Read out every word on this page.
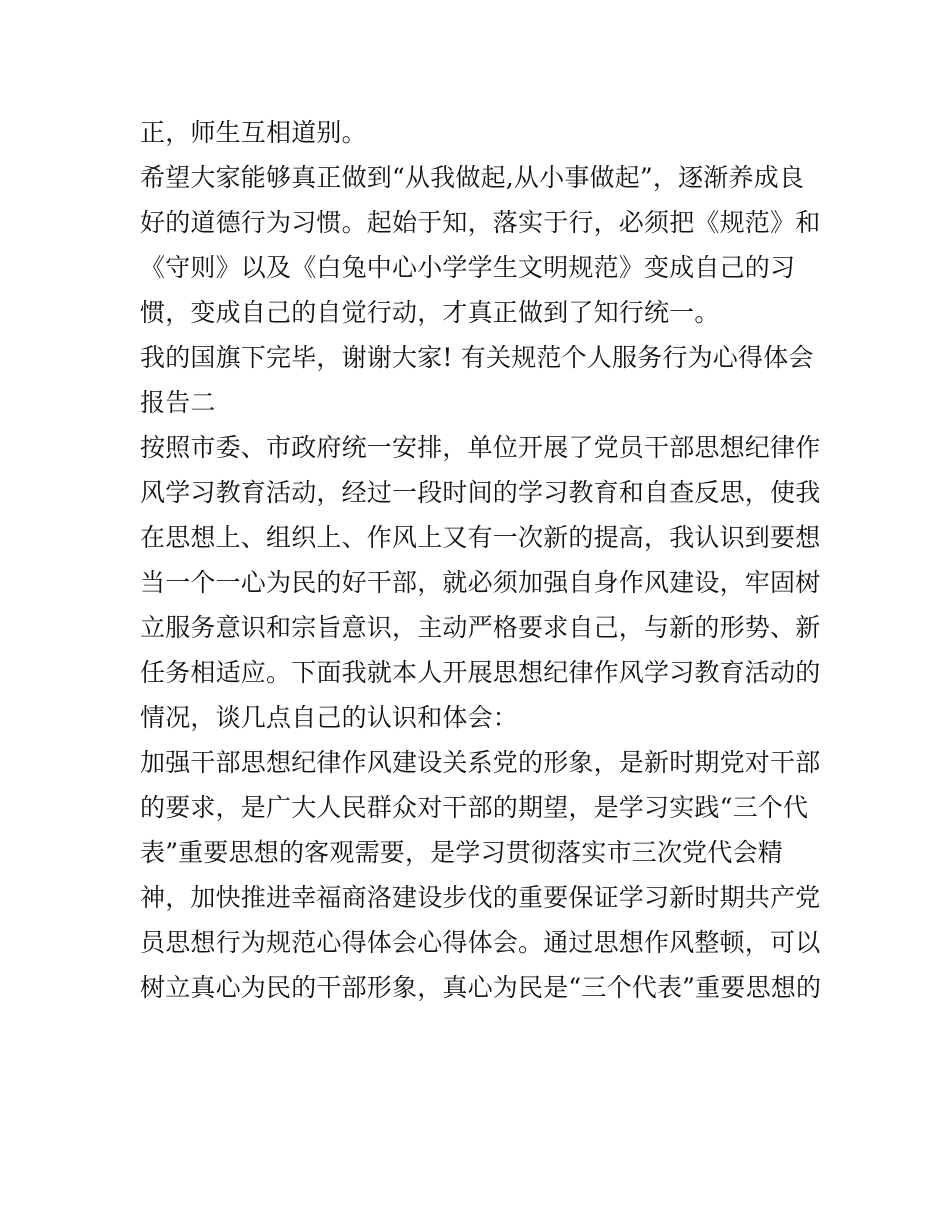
正，师生互相道别。
希望大家能够真正做到“从我做起,从小事做起”，逐渐养成良
好的道德行为习惯。起始于知，落实于行，必须把《规范》和
《守则》以及《白兔中心小学学生文明规范》变成自己的习
惯，变成自己的自觉行动，才真正做到了知行统一。
我的国旗下完毕，谢谢大家! 有关规范个人服务行为心得体会
报告二
按照市委、市政府统一安排，单位开展了党员干部思想纪律作
风学习教育活动，经过一段时间的学习教育和自查反思，使我
在思想上、组织上、作风上又有一次新的提高，我认识到要想
当一个一心为民的好干部，就必须加强自身作风建设，牢固树
立服务意识和宗旨意识，主动严格要求自己，与新的形势、新
任务相适应。下面我就本人开展思想纪律作风学习教育活动的
情况，谈几点自己的认识和体会：
加强干部思想纪律作风建设关系党的形象，是新时期党对干部
的要求，是广大人民群众对干部的期望，是学习实践“三个代
表”重要思想的客观需要，是学习贯彻落实市三次党代会精
神，加快推进幸福商洛建设步伐的重要保证学习新时期共产党
员思想行为规范心得体会心得体会。通过思想作风整顿，可以
树立真心为民的干部形象，真心为民是“三个代表”重要思想的
